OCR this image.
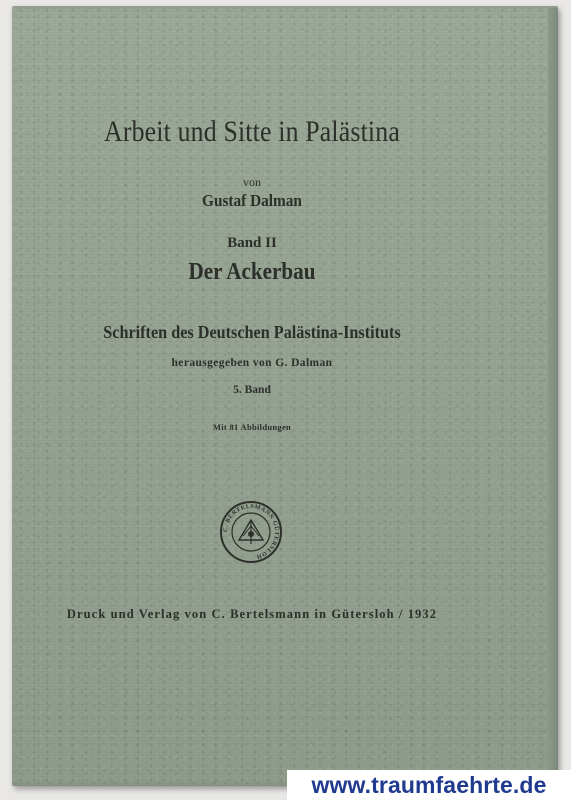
Arbeit und Sitte in Palästina
von
Gustaf Dalman
Band II
Der Ackerbau
Schriften des Deutschen Palästina-Instituts
herausgegeben von G. Dalman
5. Band
Mit 81 Abbildungen
C. BERTELSMANN GÜTERSLOH
Druck und Verlag von C. Bertelsmann in Gütersloh / 1932
www.traumfaehrte.de
